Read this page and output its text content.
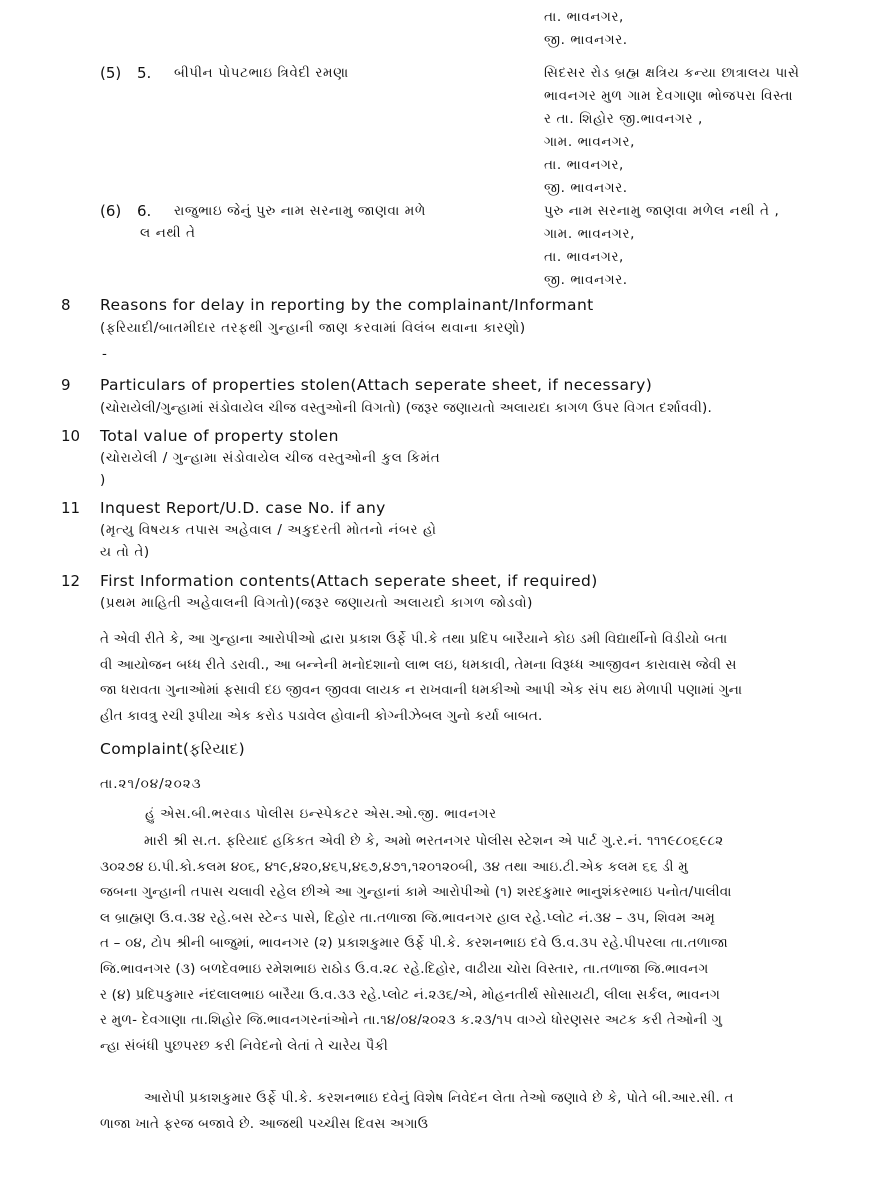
તા. ભાવનગર,
જી. ભાવનગર.
(5) 5. બીપીન પોપટભાઇ ત્રિવેદી રમણા	સિદસર રોડ બ્રહ્મ ક્ષત્રિય કન્યા છાત્રાલય પાસે
ભાવનગર મુળ ગામ દેવગાણા ભોજપરા વિસ્તા
ર તા. શિહોર જી.ભાવનગર ,
ગામ. ભાવનગર,
તા. ભાવનગર,
જી. ભાવનગર.
(6) 6. રાજુભાઇ જેનું પુરુ નામ સરનામુ જાણવા મળે
લ નથી તે
પુરુ નામ સરનામુ જાણવા મળેલ નથી તે ,
ગામ. ભાવનગર,
તા. ભાવનગર,
જી. ભાવનગર.
8 Reasons for delay in reporting by the complainant/Informant
(ફરિયાદી/બાતમીદાર તરફથી ગુન્હાની જાણ કરવામાં વિલંબ થવાના કારણો)
-
9 Particulars of properties stolen(Attach seperate sheet, if necessary)
(ચોરાયેલી/ગુન્હામાં સંડોવાયેલ ચીજ વસ્તુઓની વિગતો) (જરૂર જણાયતો અલાયદા કાગળ ઉપર વિગત દર્શાવવી).
10 Total value of property stolen
(ચોરાયેલી / ગુન્હામા સંડોવાયેલ ચીજ વસ્તુઓની કુલ કિમંત
)
11 Inquest Report/U.D. case No. if any
(મૃત્યુ વિષયક તપાસ અહેવાલ / અકુદરતી મોતનો નંબર હો
ય તો તે)
12 First Information contents(Attach seperate sheet, if required)
(પ્રથમ માહિતી અહેવાલની વિગતો)(જરૂર જણાયતો અલાયદો કાગળ જોડવો)
તે એવી રીતે કે, આ ગુન્હાના આરોપીઓ દ્વારા પ્રકાશ ઉર્ફે પી.કે તથા પ્રદિપ બારૈયાને કોઇ ડમી વિદ્યાર્થીનો વિડીયો બતા
વી આયોજન બધ્ધ રીતે ડરાવી., આ બન્નેની મનોદશાનો લાભ લઇ, ધમકાવી, તેમના વિરૂધ્ધ આજીવન કારાવાસ જેવી સ
જા ધરાવતા ગુનાઓમાં ફસાવી દઇ જીવન જીવવા લાયક ન રાખવાની ધમકીઓ આપી એક સંપ થઇ મેળાપી પણામાં ગુના
હીત કાવત્રુ રચી રૂપીયા એક કરોડ પડાવેલ હોવાની કોગ્નીઝેબલ ગુનો કર્યા બાબત.
Complaint(ફરિયાદ)
તા.૨૧/૦૪/૨૦૨૩
હું એસ.બી.ભરવાડ પોલીસ ઇન્સ્પેકટર એસ.ઓ.જી. ભાવનગર
મારી શ્રી સ.ત. ફરિયાદ હકિકત એવી છે કે, અમો ભરતનગર પોલીસ સ્ટેશન એ પાર્ટ ગુ.ર.નં. ૧૧૧૯૮૦૬૯૮૨
૩૦૨૭૪ ઇ.પી.કો.કલમ ૪૦૬, ૪૧૯,૪૨૦,૪૬૫,૪૬૭,૪૭૧,૧૨૦૧૨૦બી, ૩૪ તથા આઇ.ટી.એક કલમ ૬૬ ડી મુ
જબના ગુન્હાની તપાસ ચલાવી રહેલ છીએ આ ગુન્હાનાં કામે આરોપીઓ (૧) શરદકુમાર ભાનુશંકરભાઇ પનોત/પાલીવા
લ બ્રાહ્મણ ઉ.વ.૩૪ રહે.બસ સ્ટેન્ડ પાસે, દિહોર તા.તળાજા જિ.ભાવનગર હાલ રહે.પ્લોટ નં.૩૪ – ૩૫, શિવમ અમૃ
ત – ૦૪, ટોપ શ્રીની બાજુમાં, ભાવનગર (૨) પ્રકાશકુમાર ઉર્ફે પી.કે. કરશનભાઇ દવે ઉ.વ.૩૫ રહે.પીપરલા તા.તળાજા
જિ.ભાવનગર (૩) બળદેવભાઇ રમેશભાઇ રાઠોડ ઉ.વ.૨૮ રહે.દિહોર, વાઢીયા ચોરા વિસ્તાર, તા.તળાજા જિ.ભાવનગ
ર (૪) પ્રદિપકુમાર નંદલાલભાઇ બારૈયા ઉ.વ.૩૩ રહે.પ્લોટ નં.૨૩૬/એ, મોહનતીર્થ સોસાયટી, લીલા સર્કલ, ભાવનગ
ર મુળ- દેવગાણા તા.શિહોર જિ.ભાવનગરનાંઓને તા.૧૪/૦૪/૨૦૨૩ ક.૨૩/૧૫ વાગ્યે ધોરણસર અટક કરી તેઓની ગુ
ન્હા સંબંધી પુછપરછ કરી નિવેદનો લેતાં તે ચારેય પૈકી
આરોપી પ્રકાશકુમાર ઉર્ફે પી.કે. કરશનભાઇ દવેનું વિશેષ નિવેદન લેતા તેઓ જણાવે છે કે, પોતે બી.આર.સી. ત
ળાજા ખાતે ફરજ બજાવે છે. આજથી પચ્ચીસ દિવસ અગાઉ
